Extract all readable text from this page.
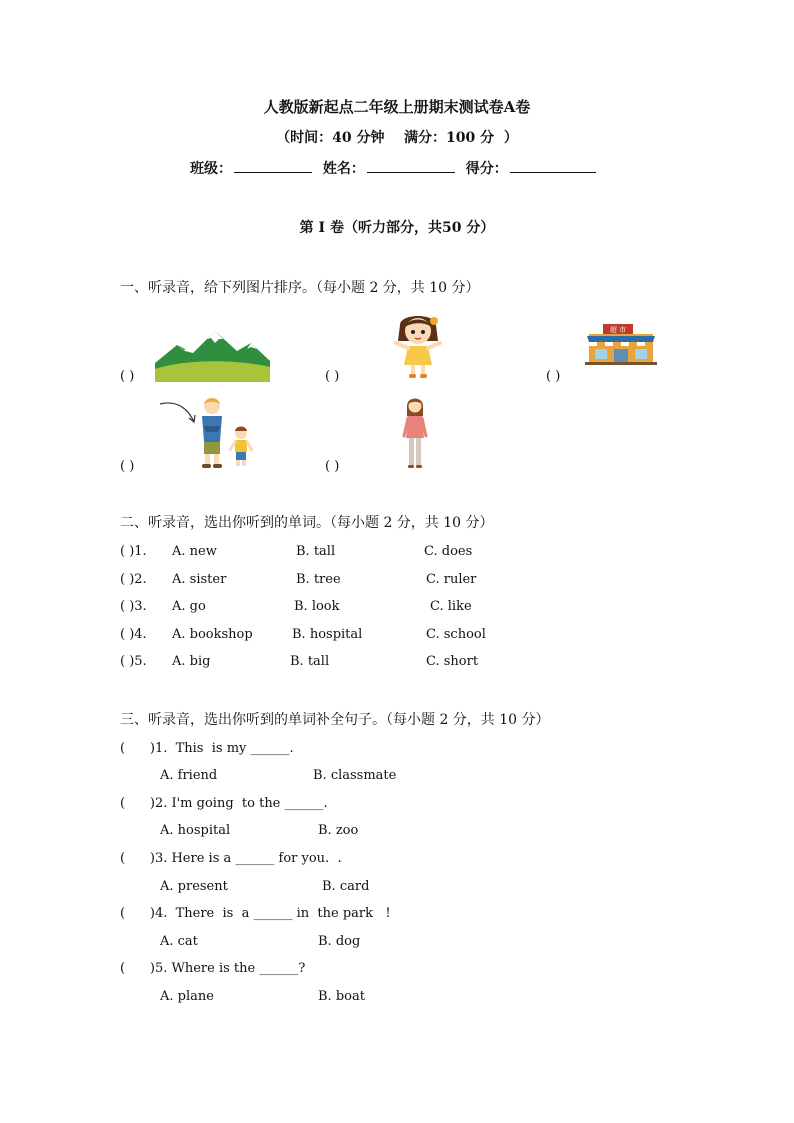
人教版新起点二年级上册期末测试卷A卷
（时间：40 分钟    满分：100 分  ）
班级：	姓名：	得分：
第 I 卷（听力部分，共50 分）
一、听录音，给下列图片排序。（每小题 2 分，共 10 分）
( )	( )
超 市
( )
( )	( )
二、听录音，选出你听到的单词。（每小题 2 分，共 10 分）
( )1. A. new	B. tall	C. does
( )2. A. sister	B. tree	C. ruler
( )3. A. go	B. look	C. like
( )4. A. bookshop	B. hospital	C. school
( )5. A. big	B. tall	C. short
三、听录音，选出你听到的单词补全句子。（每小题 2 分，共 10 分）
(      )1.  This  is my ______.
A. friend	B. classmate
(      )2. I'm going  to the ______.
A. hospital	B. zoo
(      )3. Here is a ______ for you.  .
A. present	B. card
(      )4.  There  is  a ______ in  the park   !
A. cat	B. dog
(      )5. Where is the ______?
A. plane	B. boat
